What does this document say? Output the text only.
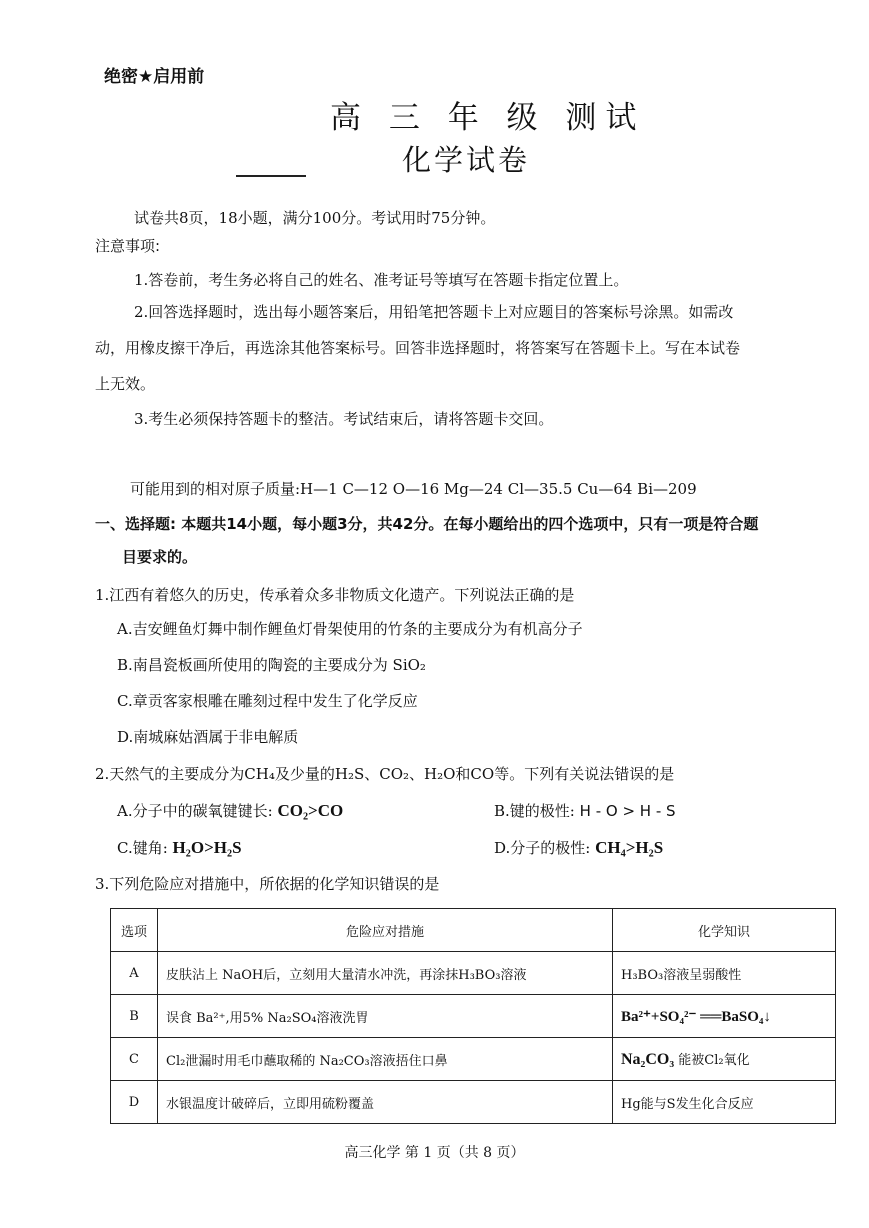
绝密★启用前
高 三 年 级 测试
化学试卷
试卷共8页，18小题，满分100分。考试用时75分钟。
注意事项:
1.答卷前，考生务必将自己的姓名、准考证号等填写在答题卡指定位置上。
2.回答选择题时，选出每小题答案后，用铅笔把答题卡上对应题目的答案标号涂黑。如需改
动，用橡皮擦干净后，再选涂其他答案标号。回答非选择题时，将答案写在答题卡上。写在本试卷
上无效。
3.考生必须保持答题卡的整洁。考试结束后，请将答题卡交回。
可能用到的相对原子质量:H—1 C—12 O—16 Mg—24 Cl—35.5 Cu—64 Bi—209
一、选择题: 本题共14小题，每小题3分，共42分。在每小题给出的四个选项中，只有一项是符合题
目要求的。
1.江西有着悠久的历史，传承着众多非物质文化遗产。下列说法正确的是
A.吉安鲤鱼灯舞中制作鲤鱼灯骨架使用的竹条的主要成分为有机高分子
B.南昌瓷板画所使用的陶瓷的主要成分为 SiO₂
C.章贡客家根雕在雕刻过程中发生了化学反应
D.南城麻姑酒属于非电解质
2.天然气的主要成分为CH₄及少量的H₂S、CO₂、H₂O和CO等。下列有关说法错误的是
A.分子中的碳氧键键长: CO₂>CO	B.键的极性: H - O > H - S
C.键角: H₂O>H₂S	D.分子的极性: CH₄>H₂S
3.下列危险应对措施中，所依据的化学知识错误的是
选项	危险应对措施	化学知识
A	皮肤沾上 NaOH后，立刻用大量清水冲洗，再涂抹H₃BO₃溶液	H₃BO₃溶液呈弱酸性
B	误食 Ba²⁺,用5% Na₂SO₄溶液洗胃	Ba²⁺+SO₄²⁻ ══BaSO₄↓
C	Cl₂泄漏时用毛巾蘸取稀的 Na₂CO₃溶液捂住口鼻	Na₂CO₃ 能被Cl₂氧化
D	水银温度计破碎后，立即用硫粉覆盖	Hg能与S发生化合反应
高三化学 第 1 页（共 8 页）
